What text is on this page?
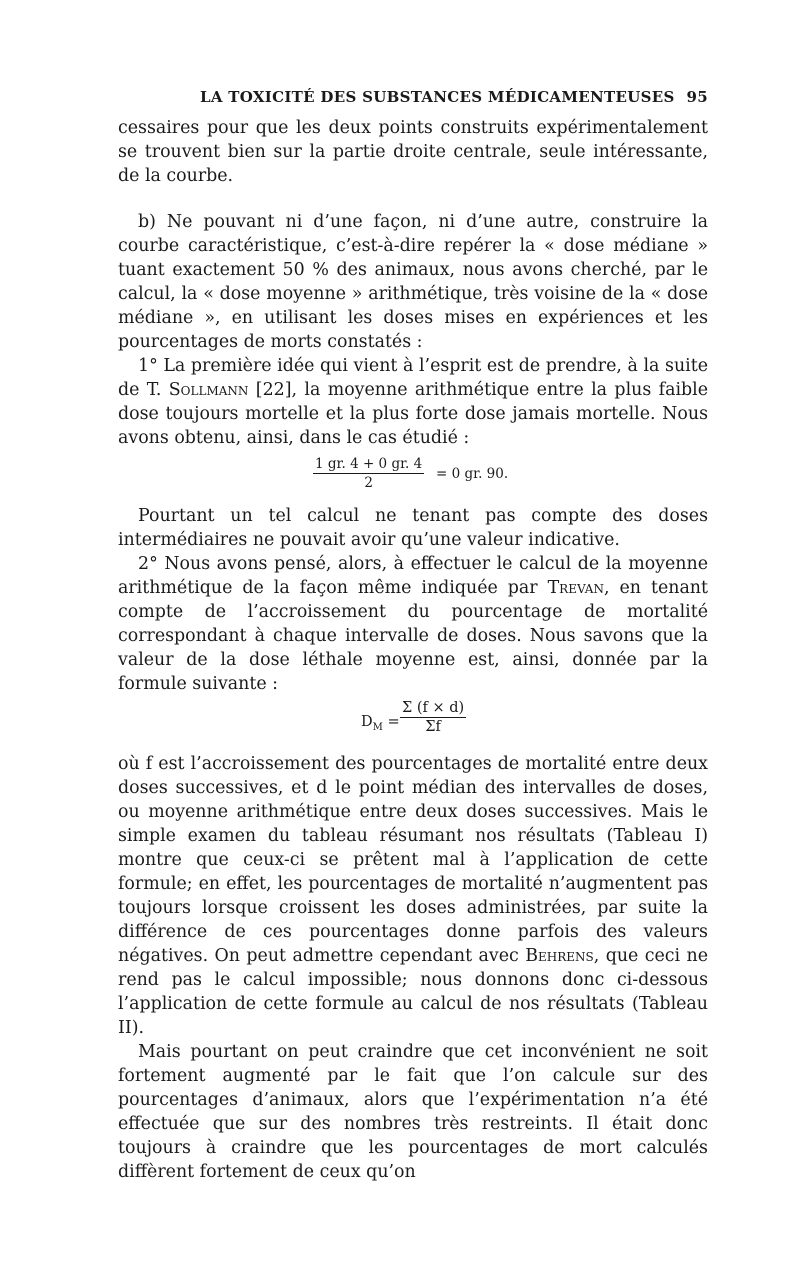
LA TOXICITÉ DES SUBSTANCES MÉDICAMENTEUSES 95

cessaires pour que les deux points construits expérimentalement se trouvent bien sur la partie droite centrale, seule intéressante, de la courbe.

b) Ne pouvant ni d’une façon, ni d’une autre, construire la courbe caractéristique, c’est-à-dire repérer la « dose médiane » tuant exactement 50 % des animaux, nous avons cherché, par le calcul, la « dose moyenne » arithmétique, très voisine de la « dose médiane », en utilisant les doses mises en expériences et les pourcentages de morts constatés :

1° La première idée qui vient à l’esprit est de prendre, à la suite de T. Sollmann [22], la moyenne arithmétique entre la plus faible dose toujours mortelle et la plus forte dose jamais mortelle. Nous avons obtenu, ainsi, dans le cas étudié :

$\frac{1 gr. 4 + 0 gr. 4}{2} = 0$ gr. 90.

Pourtant un tel calcul ne tenant pas compte des doses intermédiaires ne pouvait avoir qu’une valeur indicative.

2° Nous avons pensé, alors, à effectuer le calcul de la moyenne arithmétique de la façon même indiquée par Trevan, en tenant compte de l’accroissement du pourcentage de mortalité correspondant à chaque intervalle de doses. Nous savons que la valeur de la dose léthale moyenne est, ainsi, donnée par la formule suivante :

$D_M = \frac{\Sigma (f \times d)}{\Sigma f}$

où f est l’accroissement des pourcentages de mortalité entre deux doses successives, et d le point médian des intervalles de doses, ou moyenne arithmétique entre deux doses successives. Mais le simple examen du tableau résumant nos résultats (Tableau I) montre que ceux-ci se prêtent mal à l’application de cette formule; en effet, les pourcentages de mortalité n’augmentent pas toujours lorsque croissent les doses administrées, par suite la différence de ces pourcentages donne parfois des valeurs négatives. On peut admettre cependant avec Behrens, que ceci ne rend pas le calcul impossible; nous donnons donc ci-dessous l’application de cette formule au calcul de nos résultats (Tableau II).

Mais pourtant on peut craindre que cet inconvénient ne soit fortement augmenté par le fait que l’on calcule sur des pourcentages d’animaux, alors que l’expérimentation n’a été effectuée que sur des nombres très restreints. Il était donc toujours à craindre que les pourcentages de mort calculés diffèrent fortement de ceux qu’on
